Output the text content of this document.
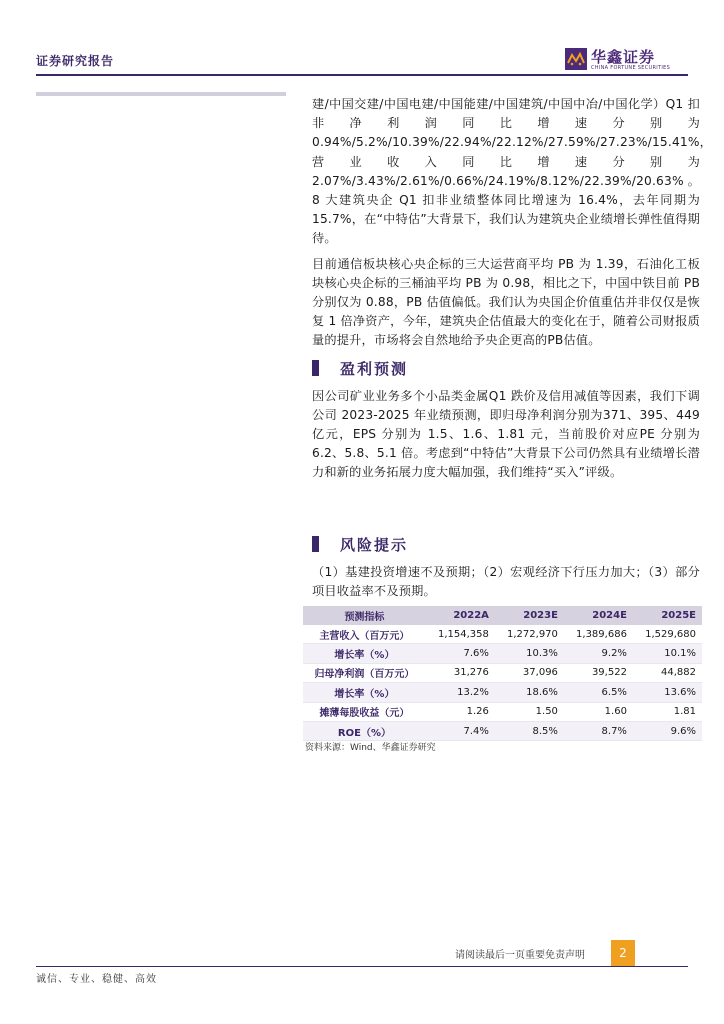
证券研究报告	华鑫证券
CHINA FORTUNE SECURITIES

建/中国交建/中国电建/中国能建/中国建筑/中国中冶/中国化学）Q1 扣非净利润同比增速分别为 0.94%/5.2%/10.39%/22.94%/22.12%/27.59%/27.23%/15.41%，营业收入同比增速分别为 2.07%/3.43%/2.61%/0.66%/24.19%/8.12%/22.39%/20.63%。8 大建筑央企 Q1 扣非业绩整体同比增速为 16.4%，去年同期为 15.7%，在“中特估”大背景下，我们认为建筑央企业绩增长弹性值得期待。

目前通信板块核心央企标的三大运营商平均 PB 为 1.39，石油化工板块核心央企标的三桶油平均 PB 为 0.98，相比之下，中国中铁目前 PB 分别仅为 0.88，PB 估值偏低。我们认为央国企价值重估并非仅仅是恢复 1 倍净资产，今年，建筑央企估值最大的变化在于，随着公司财报质量的提升，市场将会自然地给予央企更高的PB估值。

盈利预测

因公司矿业业务多个小品类金属Q1 跌价及信用减值等因素，我们下调公司 2023-2025 年业绩预测，即归母净利润分别为371、395、449 亿元，EPS 分别为 1.5、1.6、1.81 元，当前股价对应PE 分别为 6.2、5.8、5.1 倍。考虑到“中特估”大背景下公司仍然具有业绩增长潜力和新的业务拓展力度大幅加强，我们维持“买入”评级。

风险提示

（1）基建投资增速不及预期；（2）宏观经济下行压力加大；（3）部分项目收益率不及预期。

预测指标	2022A	2023E	2024E	2025E
主营收入（百万元）	1,154,358	1,272,970	1,389,686	1,529,680
增长率（%）	7.6%	10.3%	9.2%	10.1%
归母净利润（百万元）	31,276	37,096	39,522	44,882
增长率（%）	13.2%	18.6%	6.5%	13.6%
摊薄每股收益（元）	1.26	1.50	1.60	1.81
ROE（%）	7.4%	8.5%	8.7%	9.6%
资料来源：Wind、华鑫证券研究
请阅读最后一页重要免责声明	2
诚信、专业、稳健、高效
